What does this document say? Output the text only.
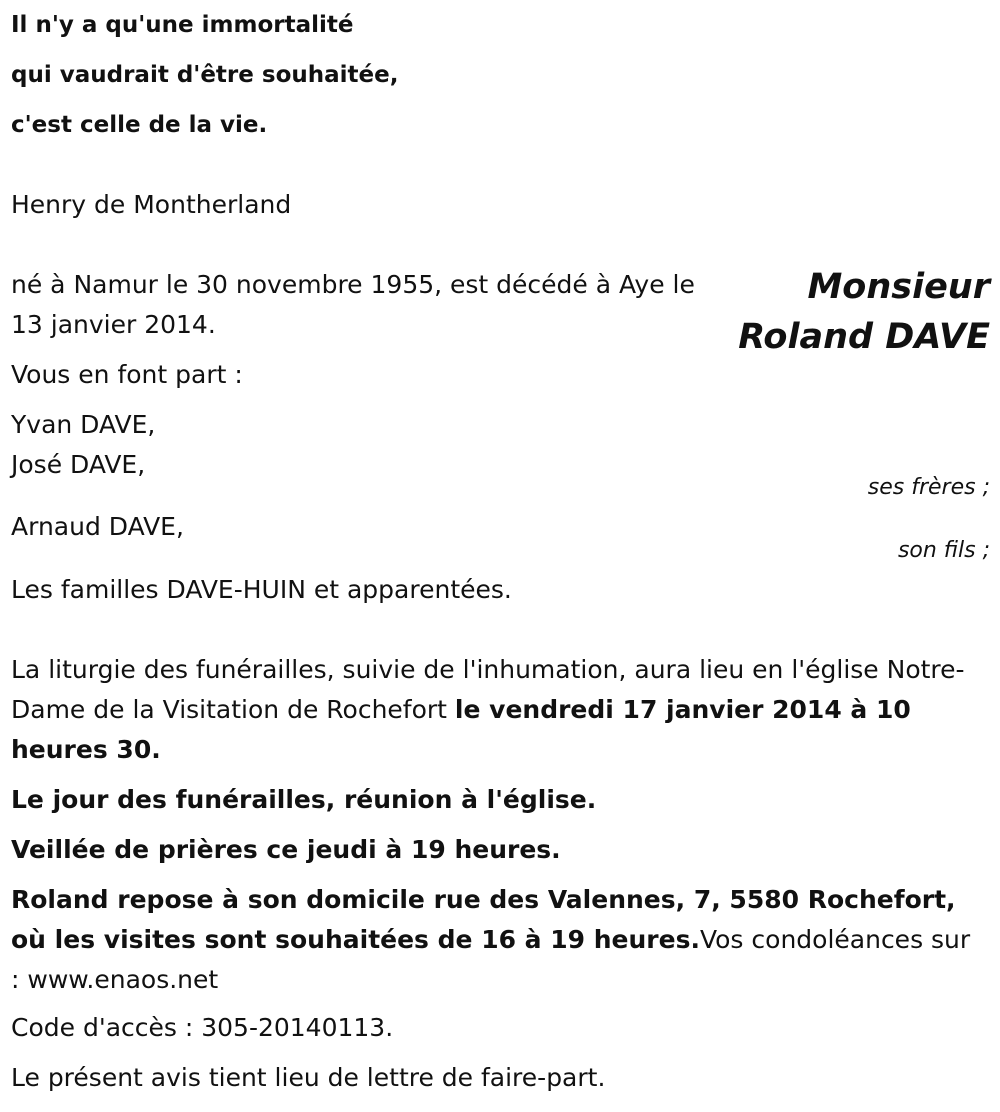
Il n'y a qu'une immortalité
qui vaudrait d'être souhaitée,
c'est celle de la vie.
Henry de Montherland
Monsieur
Roland DAVE
né à Namur le 30 novembre 1955, est décédé à Aye le
13 janvier 2014.
Vous en font part :
Yvan DAVE,
José DAVE,
ses frères ;
Arnaud DAVE,
son fils ;
Les familles DAVE-HUIN et apparentées.
La liturgie des funérailles, suivie de l'inhumation, aura lieu en l'église Notre-Dame de la Visitation de Rochefort le vendredi 17 janvier 2014 à 10 heures 30.
Le jour des funérailles, réunion à l'église.
Veillée de prières ce jeudi à 19 heures.
Roland repose à son domicile rue des Valennes, 7, 5580 Rochefort, où les visites sont souhaitées de 16 à 19 heures.Vos condoléances sur : www.enaos.net
Code d'accès : 305-20140113.
Le présent avis tient lieu de lettre de faire-part.
